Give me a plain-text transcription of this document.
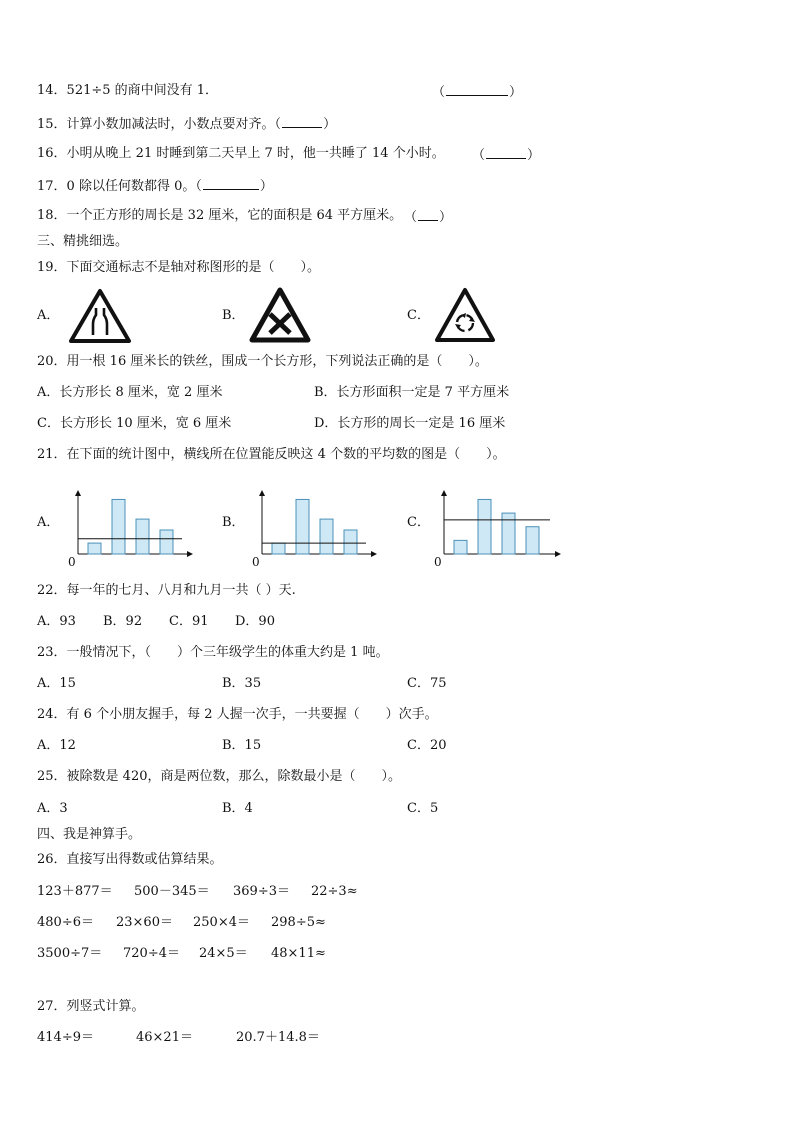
14．521÷5 的商中间没有 1．	（	）
15．计算小数加减法时，小数点要对齐。（	）
16．小明从晚上 21 时睡到第二天早上 7 时，他一共睡了 14 个小时。 （	）
17．0 除以任何数都得 0。（	）
18．一个正方形的周长是 32 厘米，它的面积是 64 平方厘米。 （ ）
三、精挑细选。
19．下面交通标志不是轴对称图形的是（　　）。
A．	B．	C．
20．用一根 16 厘米长的铁丝，围成一个长方形，下列说法正确的是（　　）。
A．长方形长 8 厘米，宽 2 厘米	B．长方形面积一定是 7 平方厘米
C．长方形长 10 厘米，宽 6 厘米	D．长方形的周长一定是 16 厘米
21．在下面的统计图中，横线所在位置能反映这 4 个数的平均数的图是（　　）。
A．	B．	C．
0	0	0
22．每一年的七月、八月和九月一共（ ）天.
A．93 B．92 C．91 D．90
23．一般情况下，（　　）个三年级学生的体重大约是 1 吨。
A．15	B．35	C．75
24．有 6 个小朋友握手，每 2 人握一次手，一共要握（　　）次手。
A．12	B．15	C．20
25．被除数是 420，商是两位数，那么，除数最小是（　　）。
A．3	B．4	C．5
四、我是神算手。
26．直接写出得数或估算结果。
123＋877＝ 500－345＝ 369÷3＝ 22÷3≈
480÷6＝ 23×60＝ 250×4＝ 298÷5≈
3500÷7＝ 720÷4＝ 24×5＝ 48×11≈
27．列竖式计算。
414÷9＝	46×21＝	20.7＋14.8＝
